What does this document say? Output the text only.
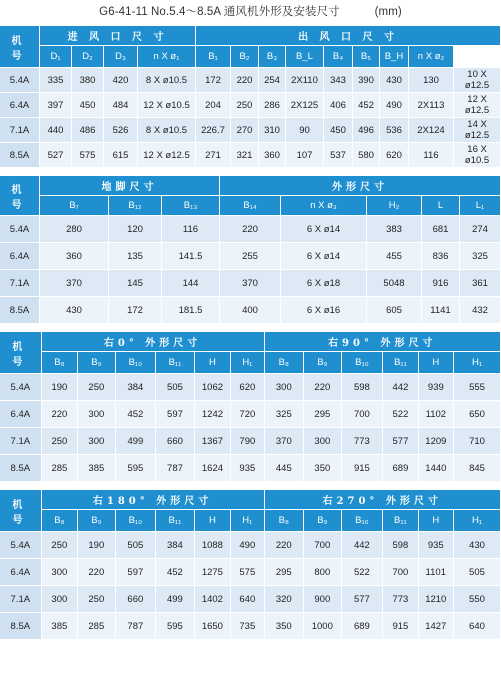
G6-41-11 No.5.4～8.5A 通风机外形及安装尺寸　　　(mm)
机 号	进 风 口 尺 寸				出 风 口 尺 寸								
	D₁	D₂	D₃	n X ø₁	B₁	B₂	B₃	B_L	B₄	B₅	B_H	n X ø₂	
5.4A	335	380	420	8 X ø10.5	172	220	254	2X110	343	390	430	130	10 X ø12.5
6.4A	397	450	484	12 X ø10.5	204	250	286	2X125	406	452	490	2X113	12 X ø12.5
7.1A	440	486	526	8 X ø10.5	226.7	270	310	90	450	496	536	2X124	14 X ø12.5
8.5A	527	575	615	12 X ø12.5	271	321	360	107	537	580	620	116	16 X ø10.5
机 号	地脚尺寸			外形尺寸				
	B₇	B₁₂	B₁₃	B₁₄	n X ø₃	H₂	L	L₁
5.4A	280	120	116	220	6 X ø14	383	681	274
6.4A	360	135	141.5	255	6 X ø14	455	836	325
7.1A	370	145	144	370	6 X ø18	5048	916	361
8.5A	430	172	181.5	400	6 X ø16	605	1141	432
机 号	右0° 外形尺寸						右90° 外形尺寸					
	B₈	B₉	B₁₀	B₁₁	H	H₁	B₈	B₉	B₁₀	B₁₁	H	H₁
5.4A	190	250	384	505	1062	620	300	220	598	442	939	555
6.4A	220	300	452	597	1242	720	325	295	700	522	1102	650
7.1A	250	300	499	660	1367	790	370	300	773	577	1209	710
8.5A	285	385	595	787	1624	935	445	350	915	689	1440	845
机 号	右180° 外形尺寸						右270° 外形尺寸					
	B₈	B₉	B₁₀	B₁₁	H	H₁	B₈	B₉	B₁₀	B₁₁	H	H₁
5.4A	250	190	505	384	1088	490	220	700	442	598	935	430
6.4A	300	220	597	452	1275	575	295	800	522	700	1101	505
7.1A	300	250	660	499	1402	640	320	900	577	773	1210	550
8.5A	385	285	787	595	1650	735	350	1000	689	915	1427	640
